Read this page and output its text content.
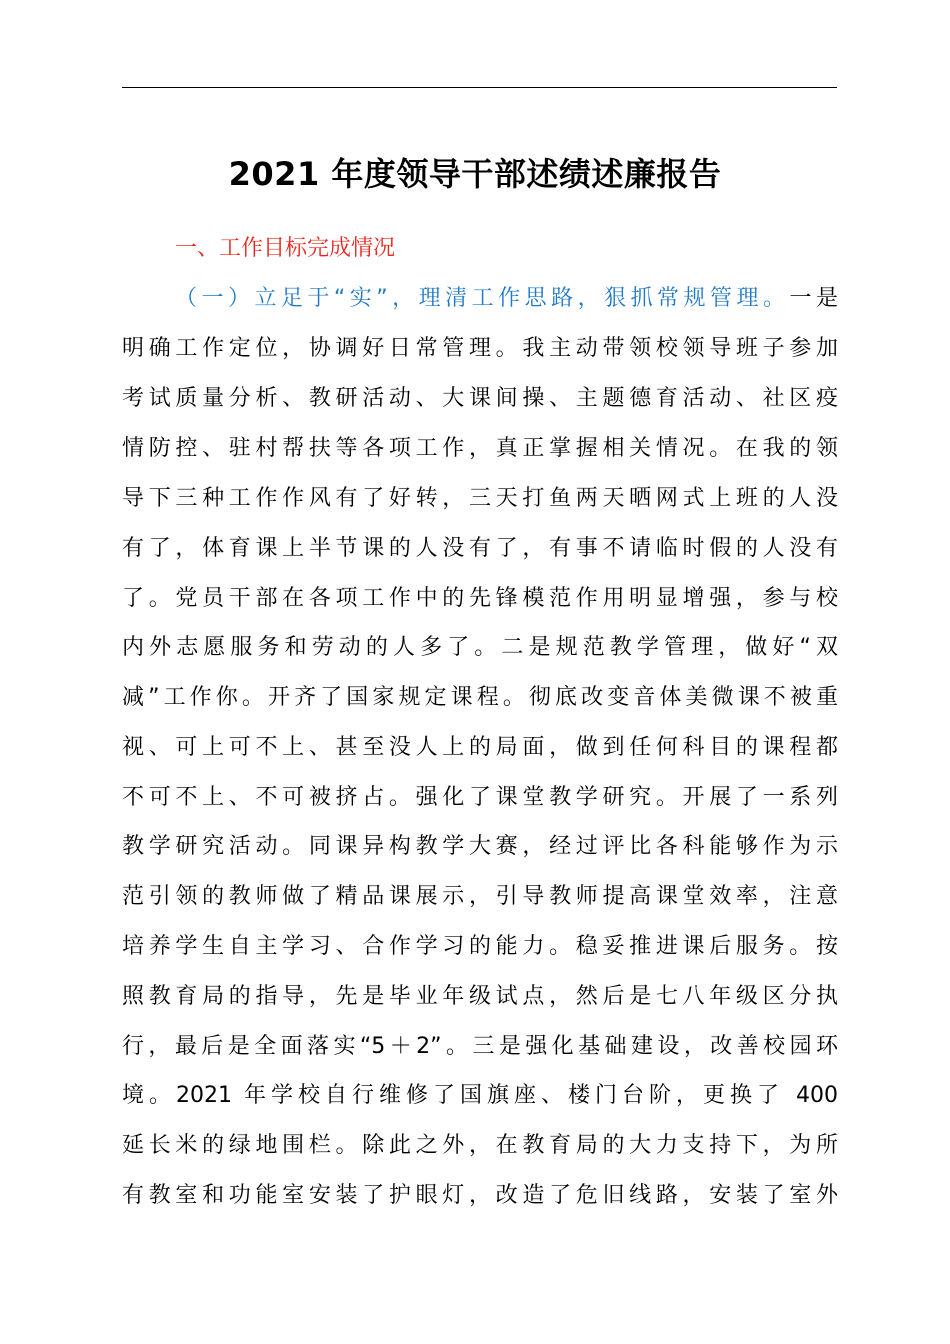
2021 年度领导干部述绩述廉报告
一、工作目标完成情况
（一）立足于“实”，理清工作思路，狠抓常规管理。一是
明确工作定位，协调好日常管理。我主动带领校领导班子参加
考试质量分析、教研活动、大课间操、主题德育活动、社区疫
情防控、驻村帮扶等各项工作，真正掌握相关情况。在我的领
导下三种工作作风有了好转，三天打鱼两天晒网式上班的人没
有了，体育课上半节课的人没有了，有事不请临时假的人没有
了。党员干部在各项工作中的先锋模范作用明显增强，参与校
内外志愿服务和劳动的人多了。二是规范教学管理，做好“双
减”工作你。开齐了国家规定课程。彻底改变音体美微课不被重
视、可上可不上、甚至没人上的局面，做到任何科目的课程都
不可不上、不可被挤占。强化了课堂教学研究。开展了一系列
教学研究活动。同课异构教学大赛，经过评比各科能够作为示
范引领的教师做了精品课展示，引导教师提高课堂效率，注意
培养学生自主学习、合作学习的能力。稳妥推进课后服务。按
照教育局的指导，先是毕业年级试点，然后是七八年级区分执
行，最后是全面落实“5＋2”。三是强化基础建设，改善校园环
境。2021 年学校自行维修了国旗座、楼门台阶，更换了 400
延长米的绿地围栏。除此之外，在教育局的大力支持下，为所
有教室和功能室安装了护眼灯，改造了危旧线路，安装了室外
